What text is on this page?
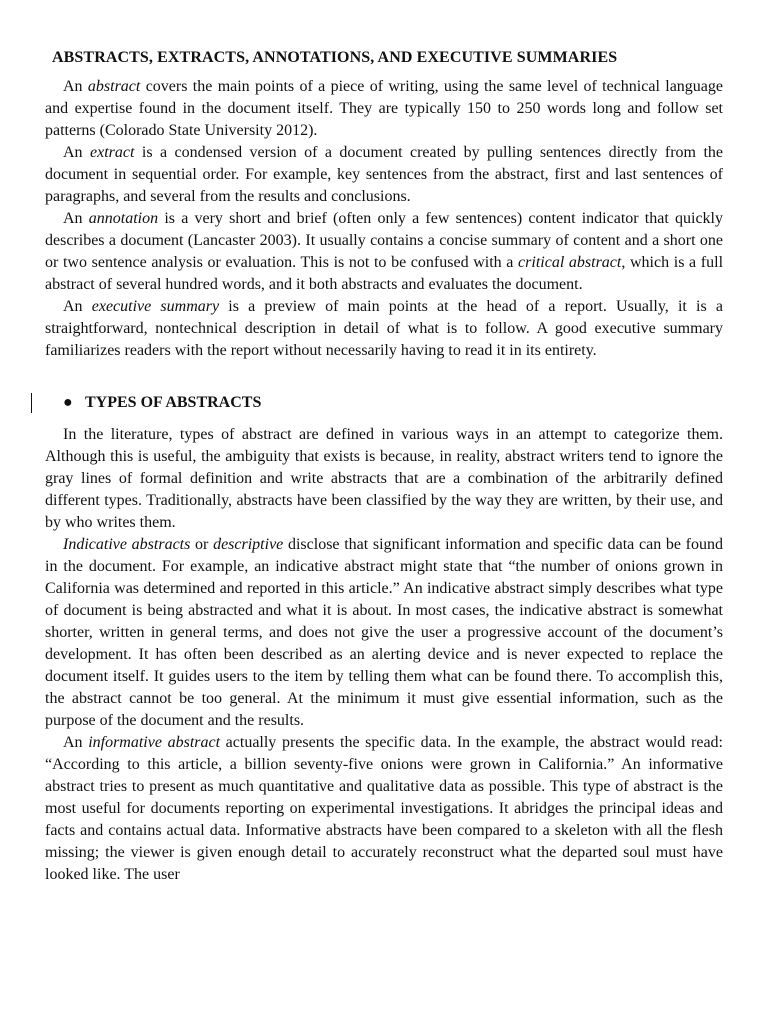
ABSTRACTS, EXTRACTS, ANNOTATIONS, AND EXECUTIVE SUMMARIES

An abstract covers the main points of a piece of writing, using the same level of technical language and expertise found in the document itself. They are typically 150 to 250 words long and follow set patterns (Colorado State University 2012).

An extract is a condensed version of a document created by pulling sentences directly from the document in sequential order. For example, key sentences from the abstract, first and last sentences of paragraphs, and several from the results and conclusions.

An annotation is a very short and brief (often only a few sentences) content indicator that quickly describes a document (Lancaster 2003). It usually contains a concise summary of content and a short one or two sentence analysis or evaluation. This is not to be confused with a critical abstract, which is a full abstract of several hundred words, and it both abstracts and evaluates the document.

An executive summary is a preview of main points at the head of a report. Usually, it is a straightforward, nontechnical description in detail of what is to follow. A good executive summary familiarizes readers with the report without necessarily having to read it in its entirety.

● TYPES OF ABSTRACTS

In the literature, types of abstract are defined in various ways in an attempt to categorize them. Although this is useful, the ambiguity that exists is because, in reality, abstract writers tend to ignore the gray lines of formal definition and write abstracts that are a combination of the arbitrarily defined different types. Traditionally, abstracts have been classified by the way they are written, by their use, and by who writes them.

Indicative abstracts or descriptive disclose that significant information and specific data can be found in the document. For example, an indicative abstract might state that “the number of onions grown in California was determined and reported in this article.” An indicative abstract simply describes what type of document is being abstracted and what it is about. In most cases, the indicative abstract is somewhat shorter, written in general terms, and does not give the user a progressive account of the document’s development. It has often been described as an alerting device and is never expected to replace the document itself. It guides users to the item by telling them what can be found there. To accomplish this, the abstract cannot be too general. At the minimum it must give essential information, such as the purpose of the document and the results.

An informative abstract actually presents the specific data. In the example, the abstract would read: “According to this article, a billion seventy-five onions were grown in California.” An informative abstract tries to present as much quantitative and qualitative data as possible. This type of abstract is the most useful for documents reporting on experimental investigations. It abridges the principal ideas and facts and contains actual data. Informative abstracts have been compared to a skeleton with all the flesh missing; the viewer is given enough detail to accurately reconstruct what the departed soul must have looked like. The user
